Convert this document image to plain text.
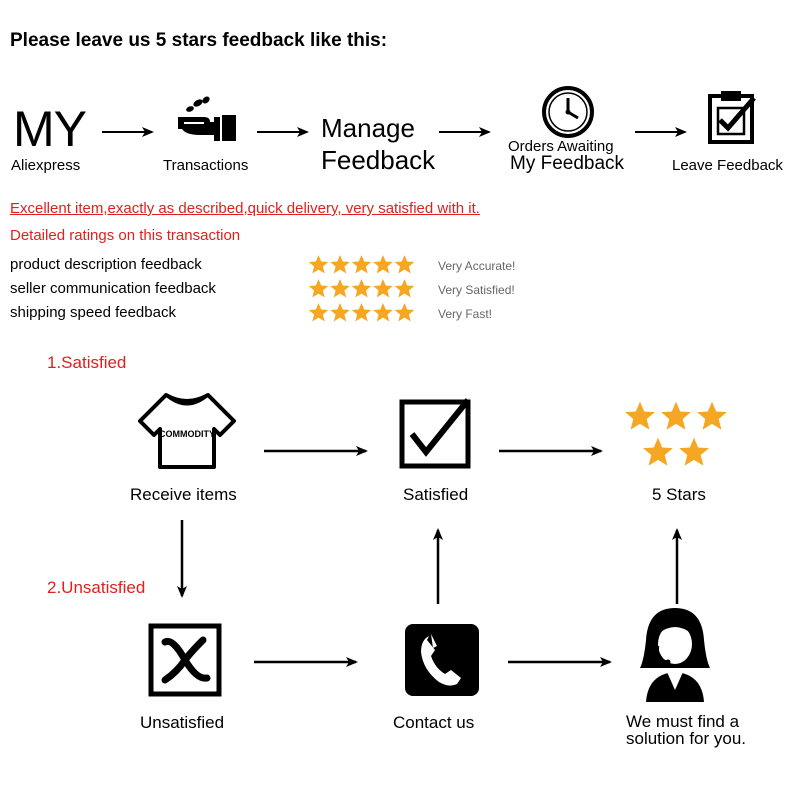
Please leave us 5 stars feedback like this:
MY
Aliexpress	Transactions
Manage
Feedback	Orders Awaiting
My Feedback	Leave Feedback
Excellent item,exactly as described,quick delivery, very satisfied with it.
Detailed ratings on this transaction
product description feedback	Very Accurate!
seller communication feedback	Very Satisfied!
shipping speed feedback	Very Fast!
1.Satisfied
COMMODITY
Receive items	Satisfied	5 Stars
2.Unsatisfied
Unsatisfied	Contact us	We must find a solution for you.
